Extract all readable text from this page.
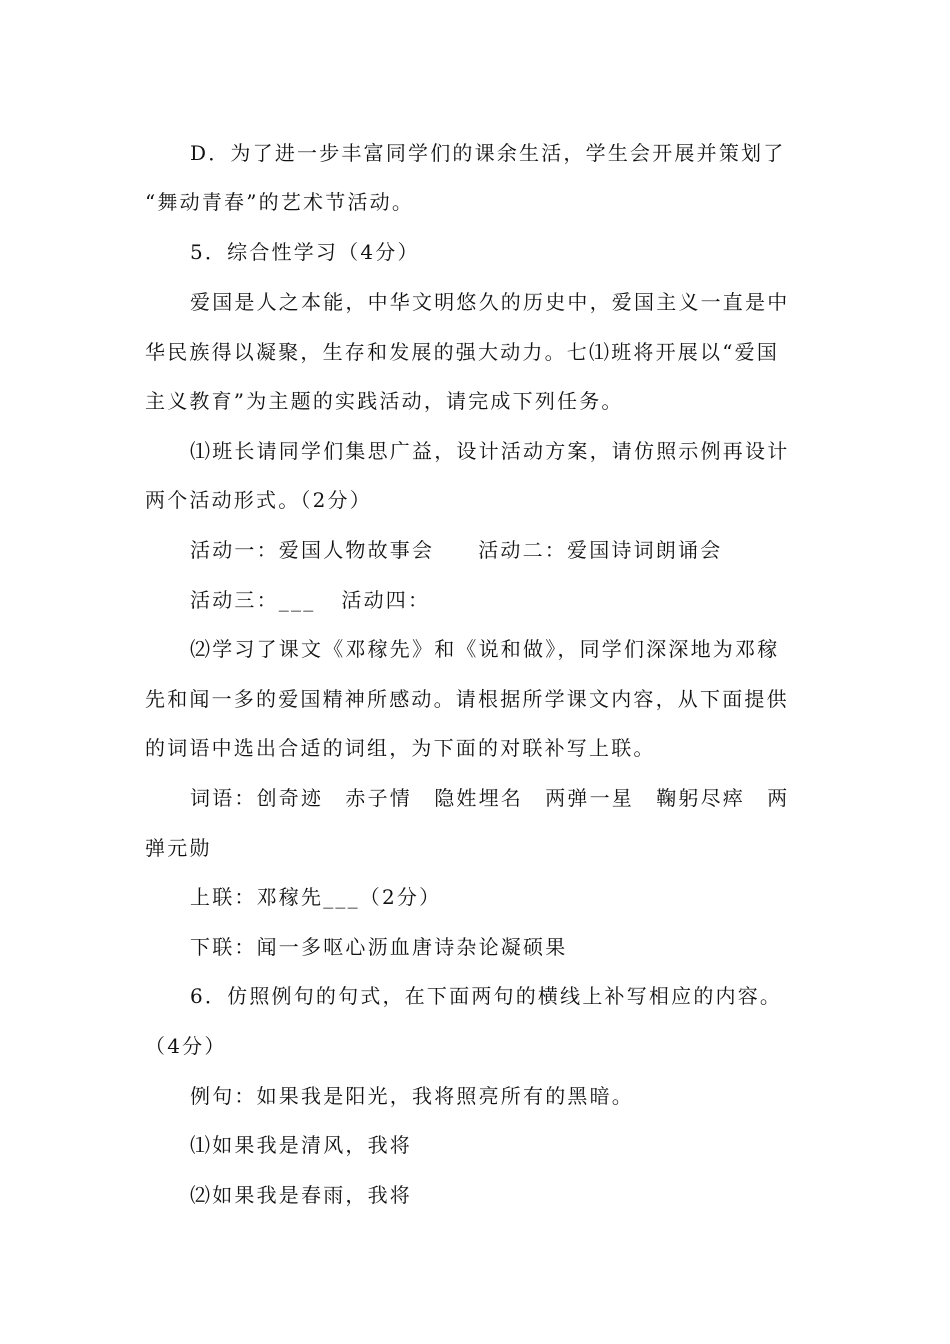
D．为了进一步丰富同学们的课余生活，学生会开展并策划了
“舞动青春”的艺术节活动。
5．综合性学习（4分）
爱国是人之本能，中华文明悠久的历史中，爱国主义一直是中
华民族得以凝聚，生存和发展的强大动力。七⑴班将开展以“爱国
主义教育”为主题的实践活动，请完成下列任务。
⑴班长请同学们集思广益，设计活动方案，请仿照示例再设计
两个活动形式。（2分）
活动一：爱国人物故事会 活动二：爱国诗词朗诵会
活动三：___ 活动四：
⑵学习了课文《邓稼先》和《说和做》，同学们深深地为邓稼
先和闻一多的爱国精神所感动。请根据所学课文内容，从下面提供
的词语中选出合适的词组，为下面的对联补写上联。
词语：创奇迹　赤子情　隐姓埋名　两弹一星　鞠躬尽瘁　两
弹元勋
上联：邓稼先___（2分）
下联：闻一多呕心沥血唐诗杂论凝硕果
6．仿照例句的句式，在下面两句的横线上补写相应的内容。
（4分）
例句：如果我是阳光，我将照亮所有的黑暗。
⑴如果我是清风，我将
⑵如果我是春雨，我将
